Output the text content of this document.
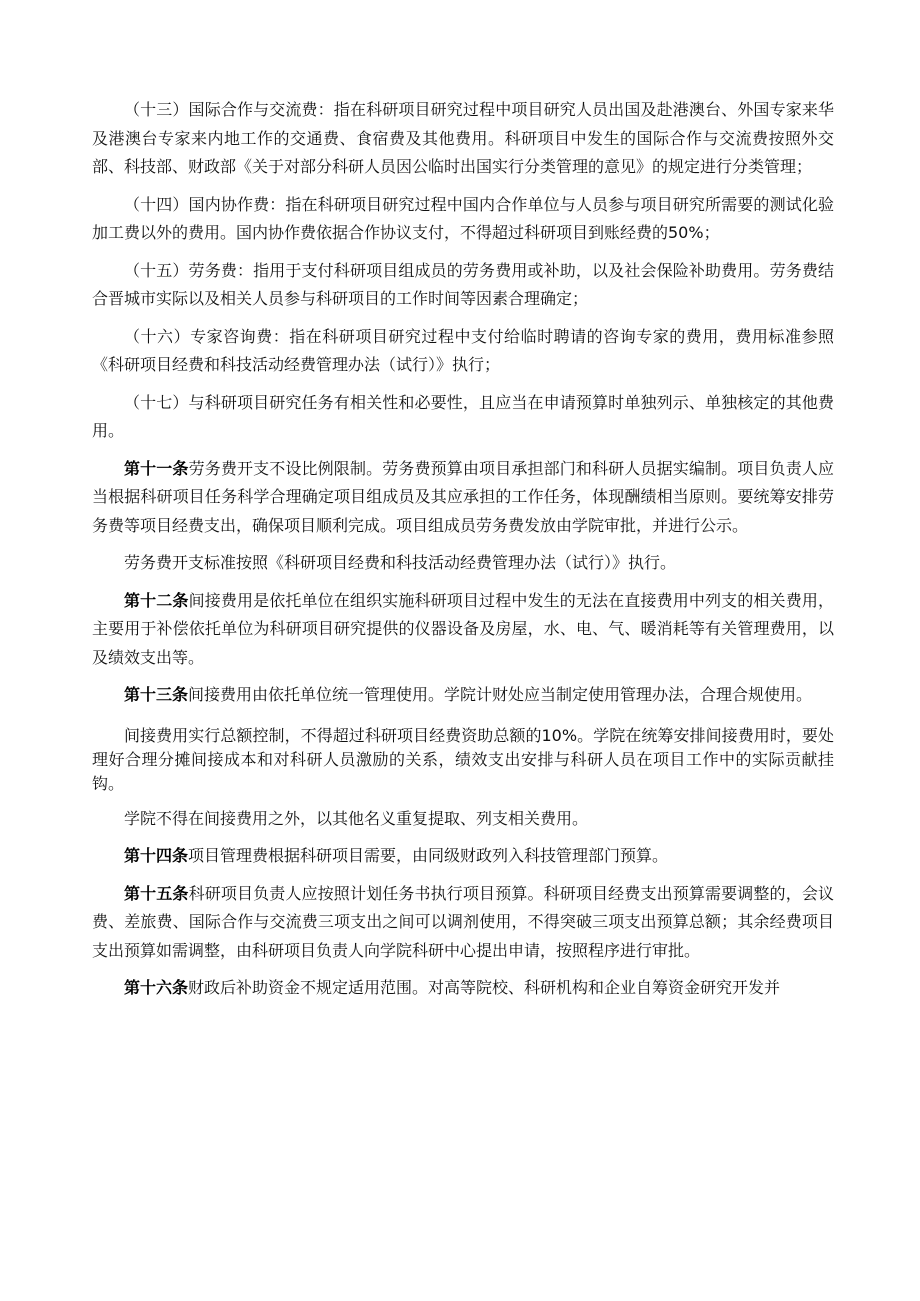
（十三）国际合作与交流费：指在科研项目研究过程中项目研究人员出国及赴港澳台、外国专家来华及港澳台专家来内地工作的交通费、食宿费及其他费用。科研项目中发生的国际合作与交流费按照外交部、科技部、财政部《关于对部分科研人员因公临时出国实行分类管理的意见》的规定进行分类管理；

（十四）国内协作费：指在科研项目研究过程中国内合作单位与人员参与项目研究所需要的测试化验加工费以外的费用。国内协作费依据合作协议支付，不得超过科研项目到账经费的50%；

（十五）劳务费：指用于支付科研项目组成员的劳务费用或补助，以及社会保险补助费用。劳务费结合晋城市实际以及相关人员参与科研项目的工作时间等因素合理确定；

（十六）专家咨询费：指在科研项目研究过程中支付给临时聘请的咨询专家的费用，费用标准参照《科研项目经费和科技活动经费管理办法（试行）》执行；

（十七）与科研项目研究任务有相关性和必要性，且应当在申请预算时单独列示、单独核定的其他费用。

第十一条劳务费开支不设比例限制。劳务费预算由项目承担部门和科研人员据实编制。项目负责人应当根据科研项目任务科学合理确定项目组成员及其应承担的工作任务，体现酬绩相当原则。要统筹安排劳务费等项目经费支出，确保项目顺利完成。项目组成员劳务费发放由学院审批，并进行公示。

劳务费开支标准按照《科研项目经费和科技活动经费管理办法（试行）》执行。

第十二条间接费用是依托单位在组织实施科研项目过程中发生的无法在直接费用中列支的相关费用，主要用于补偿依托单位为科研项目研究提供的仪器设备及房屋，水、电、气、暖消耗等有关管理费用，以及绩效支出等。

第十三条间接费用由依托单位统一管理使用。学院计财处应当制定使用管理办法，合理合规使用。

间接费用实行总额控制，不得超过科研项目经费资助总额的10%。学院在统筹安排间接费用时，要处理好合理分摊间接成本和对科研人员激励的关系，绩效支出安排与科研人员在项目工作中的实际贡献挂钩。

学院不得在间接费用之外，以其他名义重复提取、列支相关费用。

第十四条项目管理费根据科研项目需要，由同级财政列入科技管理部门预算。

第十五条科研项目负责人应按照计划任务书执行项目预算。科研项目经费支出预算需要调整的，会议费、差旅费、国际合作与交流费三项支出之间可以调剂使用，不得突破三项支出预算总额；其余经费项目支出预算如需调整，由科研项目负责人向学院科研中心提出申请，按照程序进行审批。

第十六条财政后补助资金不规定适用范围。对高等院校、科研机构和企业自筹资金研究开发并
